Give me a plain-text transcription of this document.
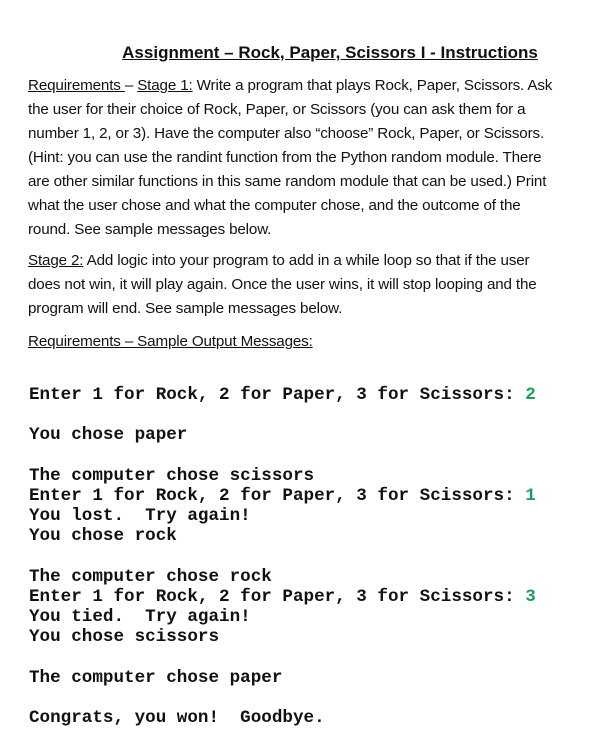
Assignment – Rock, Paper, Scissors I - Instructions
Requirements – Stage 1: Write a program that plays Rock, Paper, Scissors. Ask
the user for their choice of Rock, Paper, or Scissors (you can ask them for a
number 1, 2, or 3). Have the computer also “choose” Rock, Paper, or Scissors.
(Hint: you can use the randint function from the Python random module. There
are other similar functions in this same random module that can be used.) Print
what the user chose and what the computer chose, and the outcome of the
round. See sample messages below.
Stage 2: Add logic into your program to add in a while loop so that if the user
does not win, it will play again. Once the user wins, it will stop looping and the
program will end. See sample messages below.
Requirements – Sample Output Messages:

Enter 1 for Rock, 2 for Paper, 3 for Scissors: 2

You chose paper

The computer chose scissors

You lost.  Try again!

Enter 1 for Rock, 2 for Paper, 3 for Scissors: 1

You chose rock

The computer chose rock

You tied.  Try again!

Enter 1 for Rock, 2 for Paper, 3 for Scissors: 3

You chose scissors

The computer chose paper

Congrats, you won!  Goodbye.
